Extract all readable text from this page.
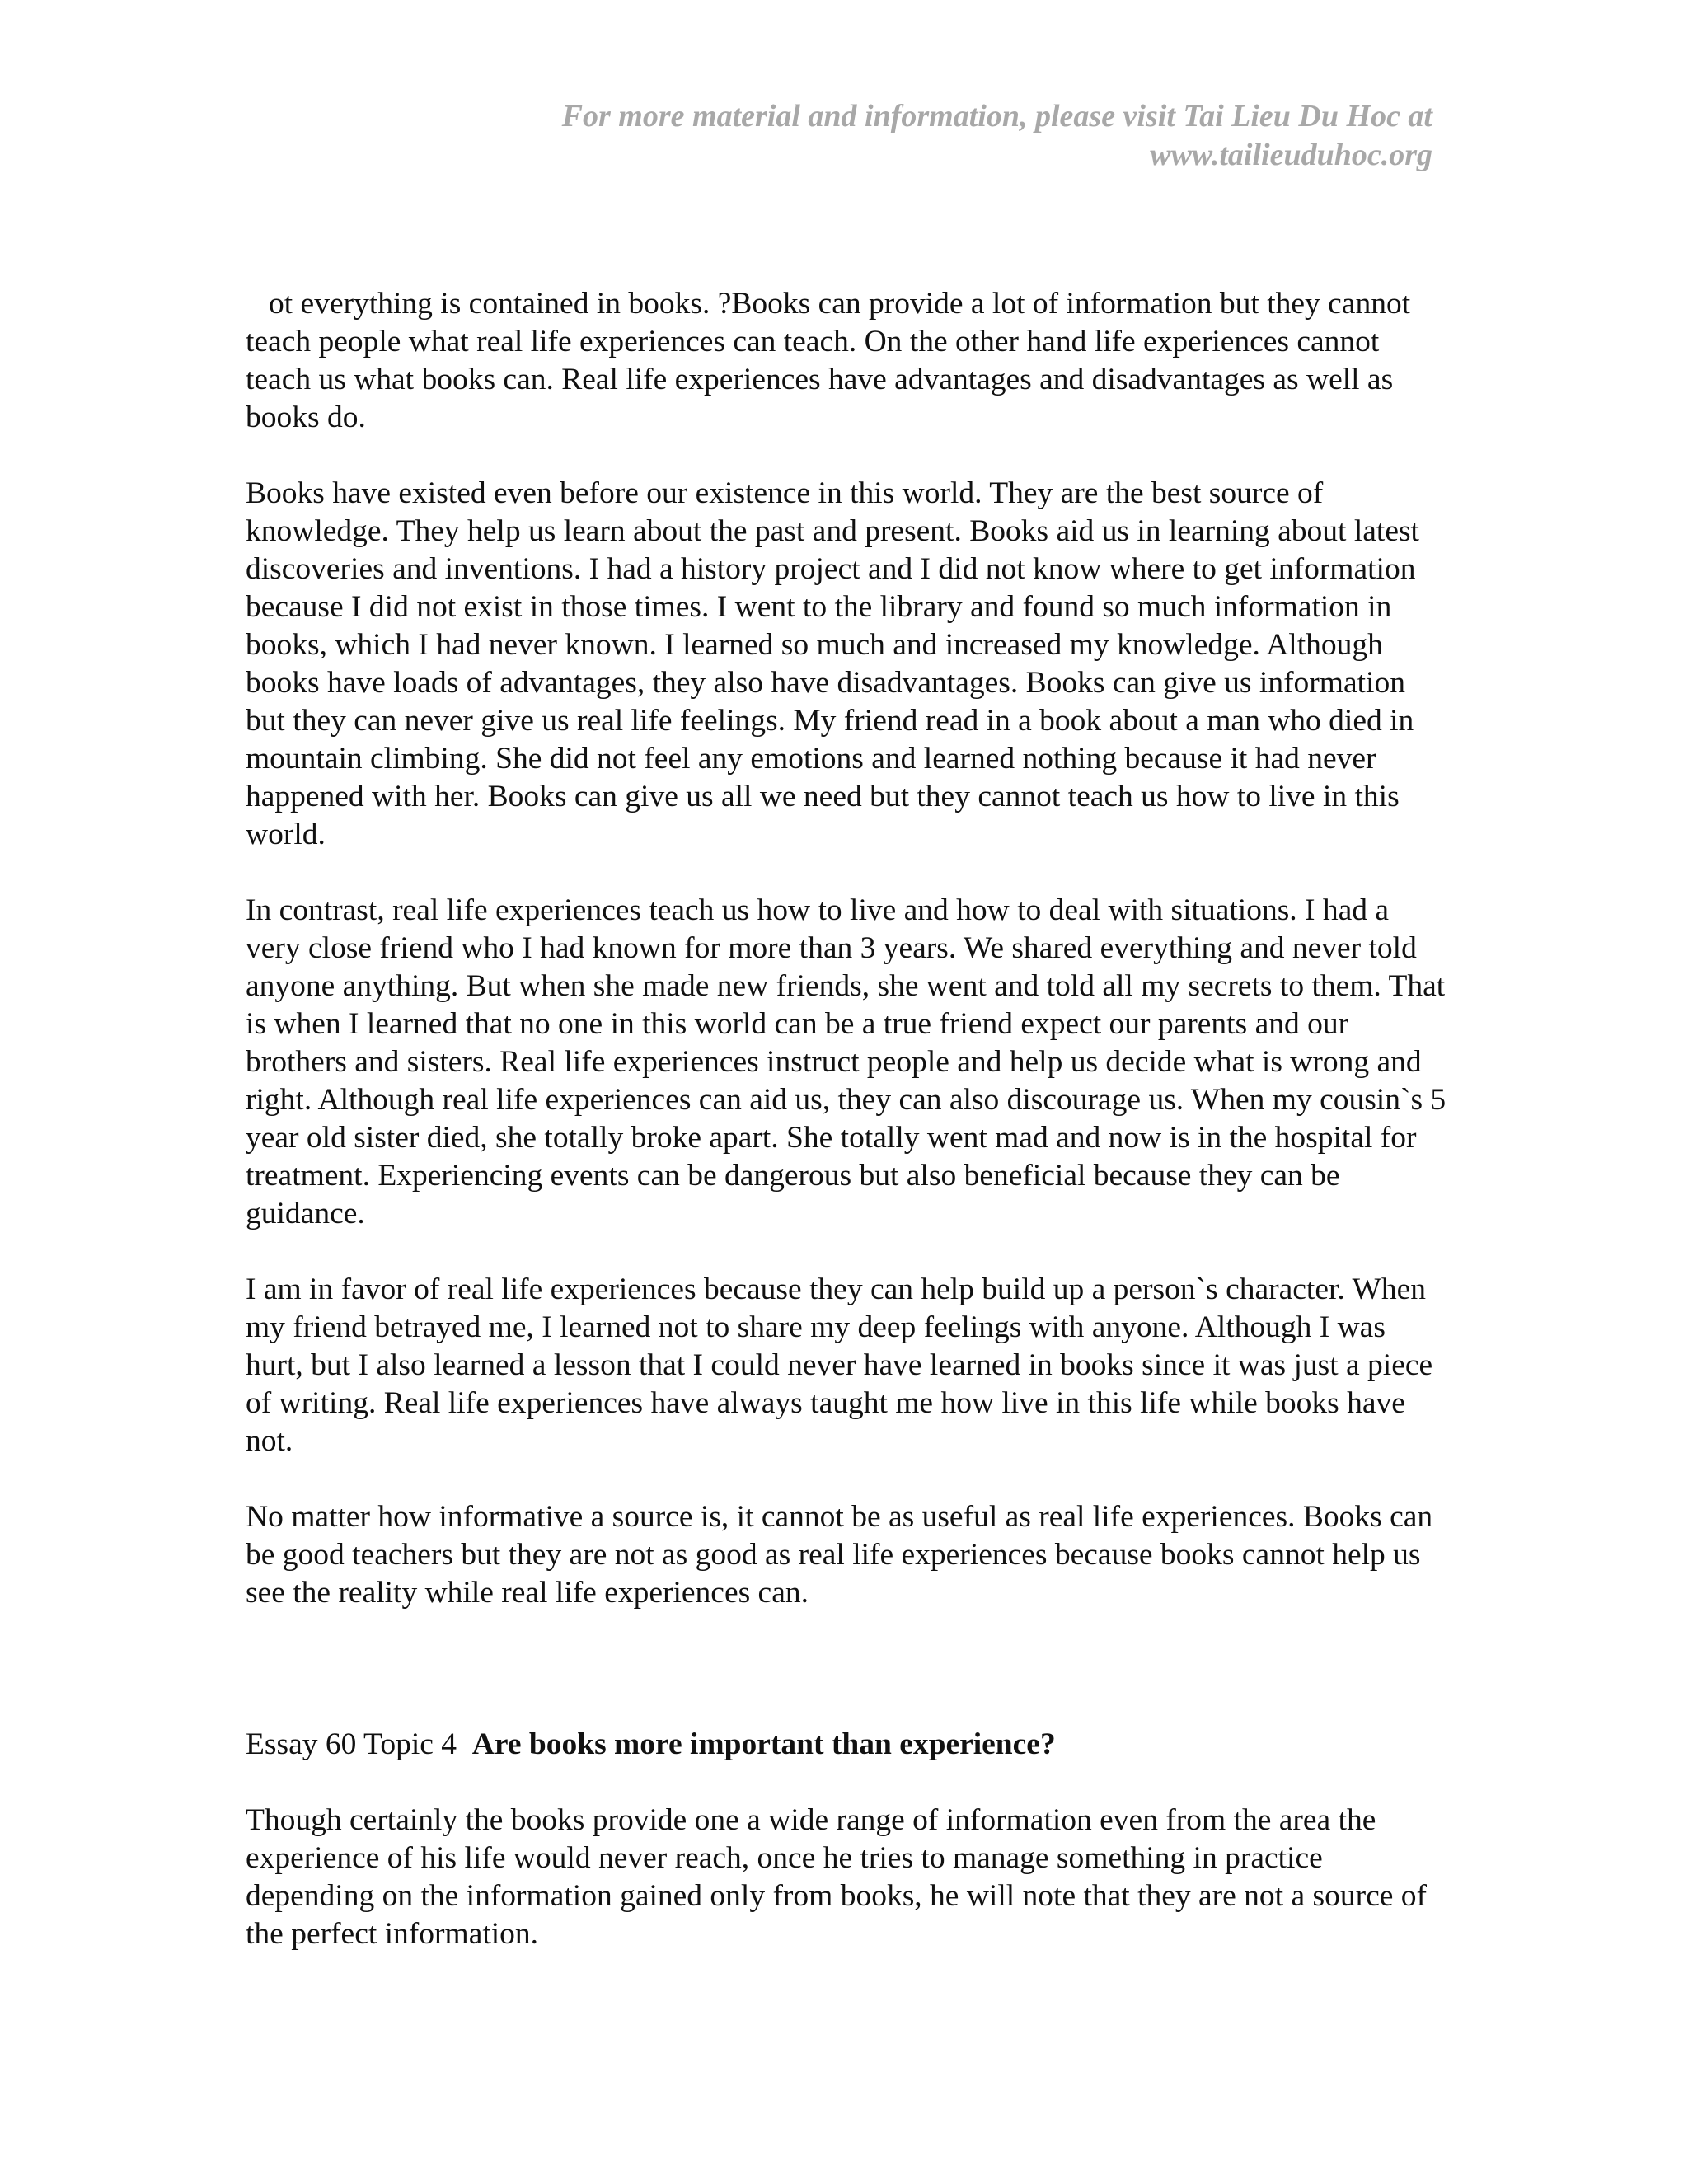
For more material and information, please visit Tai Lieu Du Hoc at
www.tailieuduhoc.org

ot everything is contained in books. ?Books can provide a lot of information but they cannot teach people what real life experiences can teach. On the other hand life experiences cannot teach us what books can. Real life experiences have advantages and disadvantages as well as books do.

Books have existed even before our existence in this world. They are the best source of knowledge. They help us learn about the past and present. Books aid us in learning about latest discoveries and inventions. I had a history project and I did not know where to get information because I did not exist in those times. I went to the library and found so much information in books, which I had never known. I learned so much and increased my knowledge. Although books have loads of advantages, they also have disadvantages. Books can give us information but they can never give us real life feelings. My friend read in a book about a man who died in mountain climbing. She did not feel any emotions and learned nothing because it had never happened with her. Books can give us all we need but they cannot teach us how to live in this world.

In contrast, real life experiences teach us how to live and how to deal with situations. I had a very close friend who I had known for more than 3 years. We shared everything and never told anyone anything. But when she made new friends, she went and told all my secrets to them. That is when I learned that no one in this world can be a true friend expect our parents and our brothers and sisters. Real life experiences instruct people and help us decide what is wrong and right. Although real life experiences can aid us, they can also discourage us. When my cousin`s 5 year old sister died, she totally broke apart. She totally went mad and now is in the hospital for treatment. Experiencing events can be dangerous but also beneficial because they can be guidance.

I am in favor of real life experiences because they can help build up a person`s character. When my friend betrayed me, I learned not to share my deep feelings with anyone. Although I was hurt, but I also learned a lesson that I could never have learned in books since it was just a piece of writing. Real life experiences have always taught me how live in this life while books have not.

No matter how informative a source is, it cannot be as useful as real life experiences. Books can be good teachers but they are not as good as real life experiences because books cannot help us see the reality while real life experiences can.

Essay 60 Topic 4 Are books more important than experience?

Though certainly the books provide one a wide range of information even from the area the experience of his life would never reach, once he tries to manage something in practice depending on the information gained only from books, he will note that they are not a source of the perfect information.
